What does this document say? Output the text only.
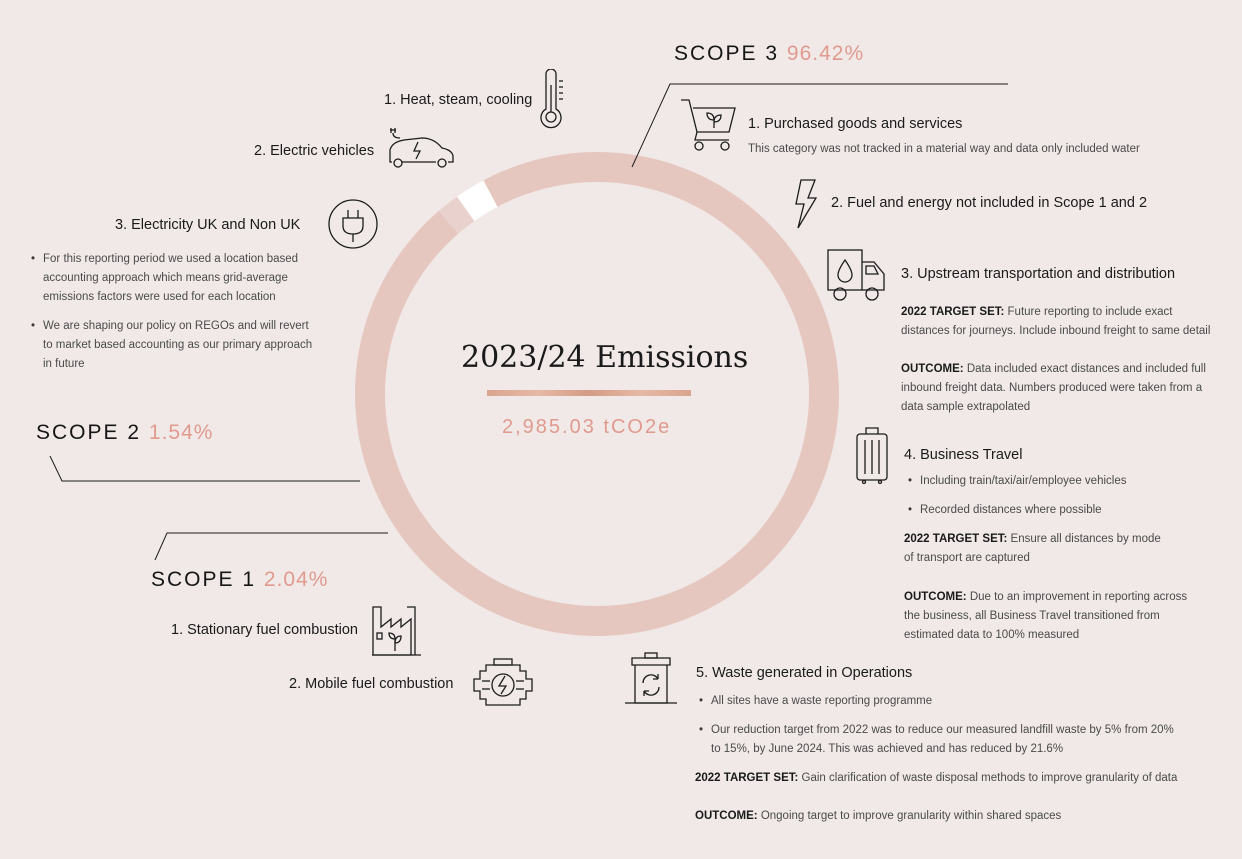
2023/24 Emissions
2,985.03 tCO2e
SCOPE 3 96.42%
SCOPE 2 1.54%
SCOPE 1 2.04%
1. Heat, steam, cooling
2. Electric vehicles
3. Electricity UK and Non UK
• For this reporting period we used a location based accounting approach which means grid-average emissions factors were used for each location
• We are shaping our policy on REGOs and will revert to market based accounting as our primary approach in future
1. Stationary fuel combustion
2. Mobile fuel combustion
1. Purchased goods and services
This category was not tracked in a material way and data only included water
2. Fuel and energy not included in Scope 1 and 2
3. Upstream transportation and distribution
2022 TARGET SET: Future reporting to include exact distances for journeys. Include inbound freight to same detail
OUTCOME: Data included exact distances and included full inbound freight data. Numbers produced were taken from a data sample extrapolated
4. Business Travel
• Including train/taxi/air/employee vehicles
• Recorded distances where possible
2022 TARGET SET: Ensure all distances by mode of transport are captured
OUTCOME: Due to an improvement in reporting across the business, all Business Travel transitioned from estimated data to 100% measured
5. Waste generated in Operations
• All sites have a waste reporting programme
• Our reduction target from 2022 was to reduce our measured landfill waste by 5% from 20% to 15%, by June 2024. This was achieved and has reduced by 21.6%
2022 TARGET SET: Gain clarification of waste disposal methods to improve granularity of data
OUTCOME: Ongoing target to improve granularity within shared spaces
